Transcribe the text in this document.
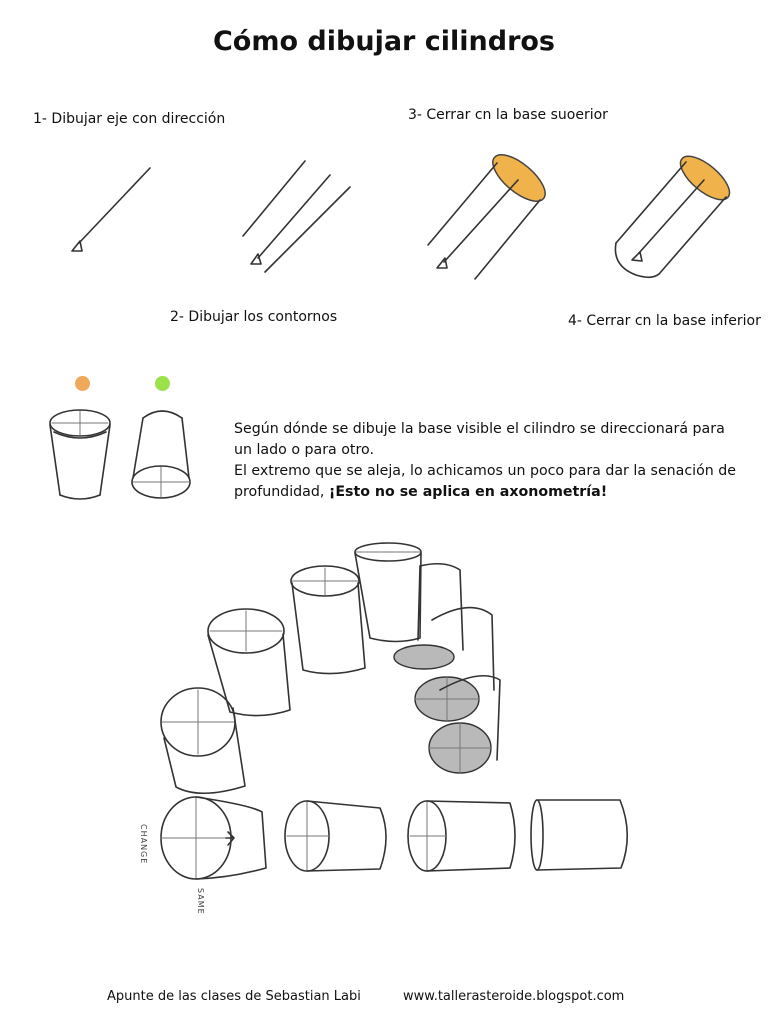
Cómo dibujar cilindros
1- Dibujar eje con dirección
2- Dibujar los contornos
3- Cerrar cn la base suoerior
4- Cerrar cn la base inferior
Según dónde se dibuje la base visible el cilindro se direccionará para un lado o para otro.
El extremo que se aleja, lo achicamos un poco para dar la senación de profundidad, ¡Esto no se aplica en axonometría!
CHANGE
SAME
Apunte de las clases de Sebastian Labi	www.tallerasteroide.blogspot.com
